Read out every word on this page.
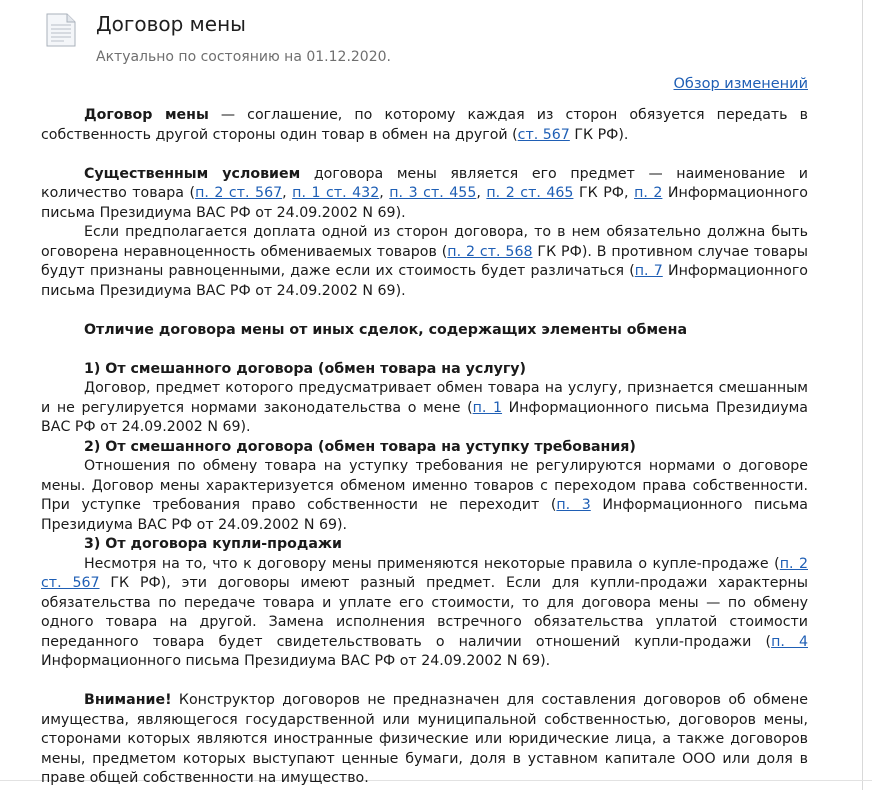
Договор мены
Актуально по состоянию на 01.12.2020.
Обзор изменений

Договор мены — соглашение, по которому каждая из сторон обязуется передать в собственность другой стороны один товар в обмен на другой (ст. 567 ГК РФ).

Существенным условием договора мены является его предмет — наименование и количество товара (п. 2 ст. 567, п. 1 ст. 432, п. 3 ст. 455, п. 2 ст. 465 ГК РФ, п. 2 Информационного письма Президиума ВАС РФ от 24.09.2002 N 69).

Если предполагается доплата одной из сторон договора, то в нем обязательно должна быть оговорена неравноценность обмениваемых товаров (п. 2 ст. 568 ГК РФ). В противном случае товары будут признаны равноценными, даже если их стоимость будет различаться (п. 7 Информационного письма Президиума ВАС РФ от 24.09.2002 N 69).

Отличие договора мены от иных сделок, содержащих элементы обмена
1) От смешанного договора (обмен товара на услугу)

Договор, предмет которого предусматривает обмен товара на услугу, признается смешанным и не регулируется нормами законодательства о мене (п. 1 Информационного письма Президиума ВАС РФ от 24.09.2002 N 69).

2) От смешанного договора (обмен товара на уступку требования)

Отношения по обмену товара на уступку требования не регулируются нормами о договоре мены. Договор мены характеризуется обменом именно товаров с переходом права собственности. При уступке требования право собственности не переходит (п. 3 Информационного письма Президиума ВАС РФ от 24.09.2002 N 69).

3) От договора купли-продажи

Несмотря на то, что к договору мены применяются некоторые правила о купле-продаже (п. 2 ст. 567 ГК РФ), эти договоры имеют разный предмет. Если для купли-продажи характерны обязательства по передаче товара и уплате его стоимости, то для договора мены — по обмену одного товара на другой. Замена исполнения встречного обязательства уплатой стоимости переданного товара будет свидетельствовать о наличии отношений купли-продажи (п. 4 Информационного письма Президиума ВАС РФ от 24.09.2002 N 69).

Внимание! Конструктор договоров не предназначен для составления договоров об обмене имущества, являющегося государственной или муниципальной собственностью, договоров мены, сторонами которых являются иностранные физические или юридические лица, а также договоров мены, предметом которых выступают ценные бумаги, доля в уставном капитале ООО или доля в праве общей собственности на имущество.
